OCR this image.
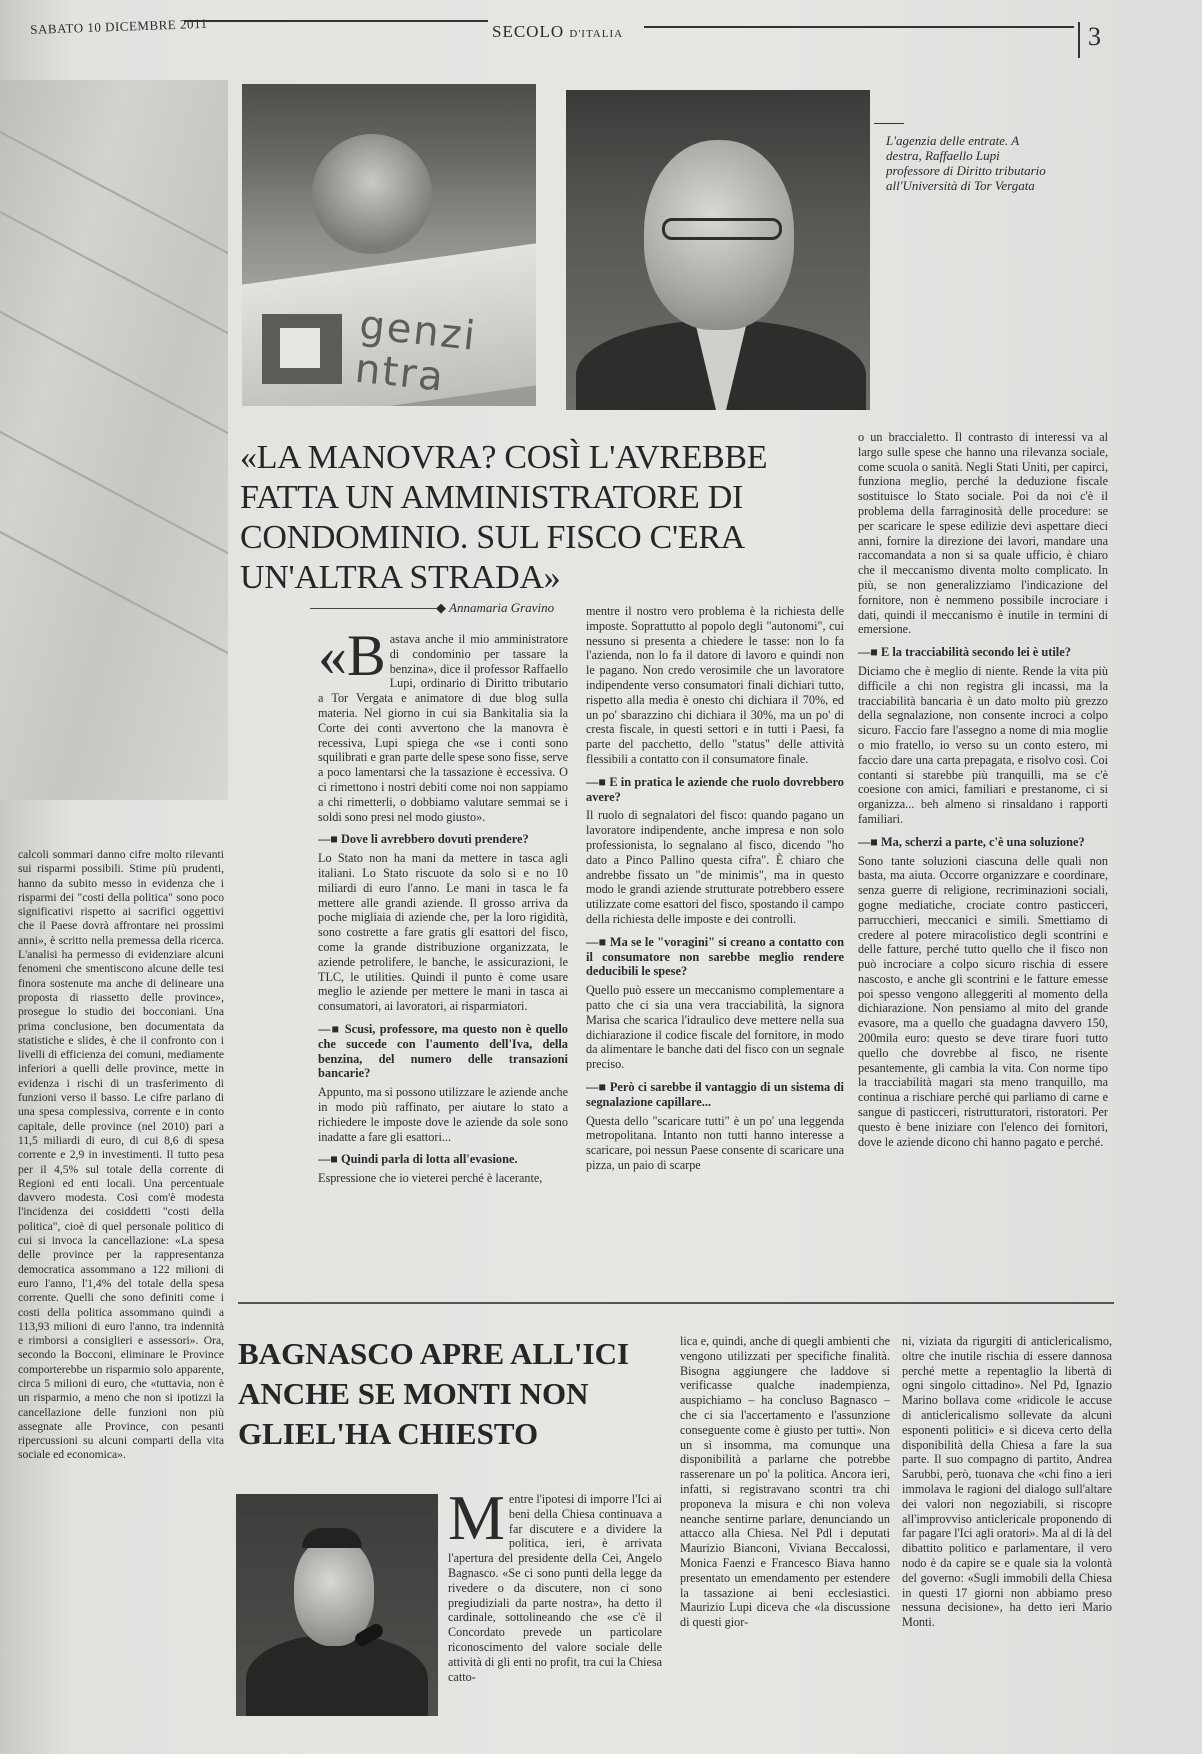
SABATO 10 DICEMBRE 2011	SECOLO D'ITALIA	3
genzi ntra
L'agenzia delle entrate. A destra, Raffaello Lupi professore di Diritto tributario all'Università di Tor Vergata
«LA MANOVRA? COSÌ L'AVREBBE FATTA UN AMMINISTRATORE DI CONDOMINIO. SUL FISCO C'ERA UN'ALTRA STRADA»
◆ Annamaria Gravino

«B astava anche il mio amministratore di condominio per tassare la benzina», dice il professor Raffaello Lupi, ordinario di Diritto tributario a Tor Vergata e animatore di due blog sulla materia. Nel giorno in cui sia Bankitalia sia la Corte dei conti avvertono che la manovra è recessiva, Lupi spiega che «se i conti sono squilibrati e gran parte delle spese sono fisse, serve a poco lamentarsi che la tassazione è eccessiva. O ci rimettono i nostri debiti come noi non sappiamo a chi rimetterli, o dobbiamo valutare semmai se i soldi sono presi nel modo giusto».

—■ Dove li avrebbero dovuti prendere?

Lo Stato non ha mani da mettere in tasca agli italiani. Lo Stato riscuote da solo sì e no 10 miliardi di euro l'anno. Le mani in tasca le fa mettere alle grandi aziende. Il grosso arriva da poche migliaia di aziende che, per la loro rigidità, sono costrette a fare gratis gli esattori del fisco, come la grande distribuzione organizzata, le aziende petrolifere, le banche, le assicurazioni, le TLC, le utilities. Quindi il punto è come usare meglio le aziende per mettere le mani in tasca ai consumatori, ai lavoratori, ai risparmiatori.

—■ Scusi, professore, ma questo non è quello che succede con l'aumento dell'Iva, della benzina, del numero delle transazioni bancarie?

Appunto, ma si possono utilizzare le aziende anche in modo più raffinato, per aiutare lo stato a richiedere le imposte dove le aziende da sole sono inadatte a fare gli esattori...

—■ Quindi parla di lotta all'evasione.

Espressione che io vieterei perché è lacerante,

mentre il nostro vero problema è la richiesta delle imposte. Soprattutto al popolo degli "autonomi", cui nessuno si presenta a chiedere le tasse: non lo fa l'azienda, non lo fa il datore di lavoro e quindi non le pagano. Non credo verosimile che un lavoratore indipendente verso consumatori finali dichiari tutto, rispetto alla media è onesto chi dichiara il 70%, ed un po' sbarazzino chi dichiara il 30%, ma un po' di cresta fiscale, in questi settori e in tutti i Paesi, fa parte del pacchetto, dello "status" delle attività flessibili a contatto con il consumatore finale.

—■ E in pratica le aziende che ruolo dovrebbero avere?

Il ruolo di segnalatori del fisco: quando pagano un lavoratore indipendente, anche impresa e non solo professionista, lo segnalano al fisco, dicendo "ho dato a Pinco Pallino questa cifra". È chiaro che andrebbe fissato un "de minimis", ma in questo modo le grandi aziende strutturate potrebbero essere utilizzate come esattori del fisco, spostando il campo della richiesta delle imposte e dei controlli.

—■ Ma se le "voragini" si creano a contatto con il consumatore non sarebbe meglio rendere deducibili le spese?

Quello può essere un meccanismo complementare a patto che ci sia una vera tracciabilità, la signora Marisa che scarica l'idraulico deve mettere nella sua dichiarazione il codice fiscale del fornitore, in modo da alimentare le banche dati del fisco con un segnale preciso.

—■ Però ci sarebbe il vantaggio di un sistema di segnalazione capillare...

Questa dello "scaricare tutti" è un po' una leggenda metropolitana. Intanto non tutti hanno interesse a scaricare, poi nessun Paese consente di scaricare una pizza, un paio di scarpe

o un braccialetto. Il contrasto di interessi va al largo sulle spese che hanno una rilevanza sociale, come scuola o sanità. Negli Stati Uniti, per capirci, funziona meglio, perché la deduzione fiscale sostituisce lo Stato sociale. Poi da noi c'è il problema della farraginosità delle procedure: se per scaricare le spese edilizie devi aspettare dieci anni, fornire la direzione dei lavori, mandare una raccomandata a non si sa quale ufficio, è chiaro che il meccanismo diventa molto complicato. In più, se non generalizziamo l'indicazione del fornitore, non è nemmeno possibile incrociare i dati, quindi il meccanismo è inutile in termini di emersione.

—■ E la tracciabilità secondo lei è utile?

Diciamo che è meglio di niente. Rende la vita più difficile a chi non registra gli incassi, ma la tracciabilità bancaria è un dato molto più grezzo della segnalazione, non consente incroci a colpo sicuro. Faccio fare l'assegno a nome di mia moglie o mio fratello, io verso su un conto estero, mi faccio dare una carta prepagata, e risolvo così. Coi contanti si starebbe più tranquilli, ma se c'è coesione con amici, familiari e prestanome, ci si organizza... beh almeno si rinsaldano i rapporti familiari.

—■ Ma, scherzi a parte, c'è una soluzione?

Sono tante soluzioni ciascuna delle quali non basta, ma aiuta. Occorre organizzare e coordinare, senza guerre di religione, recriminazioni sociali, gogne mediatiche, crociate contro pasticceri, parrucchieri, meccanici e simili. Smettiamo di credere al potere miracolistico degli scontrini e delle fatture, perché tutto quello che il fisco non può incrociare a colpo sicuro rischia di essere nascosto, e anche gli scontrini e le fatture emesse poi spesso vengono alleggeriti al momento della dichiarazione. Non pensiamo al mito del grande evasore, ma a quello che guadagna davvero 150, 200mila euro: questo se deve tirare fuori tutto quello che dovrebbe al fisco, ne risente pesantemente, gli cambia la vita. Con norme tipo la tracciabilità magari sta meno tranquillo, ma continua a rischiare perché qui parliamo di carne e sangue di pasticceri, ristrutturatori, ristoratori. Per questo è bene iniziare con l'elenco dei fornitori, dove le aziende dicono chi hanno pagato e perché.

calcoli sommari danno cifre molto rilevanti sui risparmi possibili. Stime più prudenti, hanno da subito messo in evidenza che i risparmi dei "costi della politica" sono poco significativi rispetto ai sacrifici oggettivi che il Paese dovrà affrontare nei prossimi anni», è scritto nella premessa della ricerca. L'analisi ha permesso di evidenziare alcuni fenomeni che smentiscono alcune delle tesi finora sostenute ma anche di delineare una proposta di riassetto delle province», prosegue lo studio dei bocconiani. Una prima conclusione, ben documentata da statistiche e slides, è che il confronto con i livelli di efficienza dei comuni, mediamente inferiori a quelli delle province, mette in evidenza i rischi di un trasferimento di funzioni verso il basso. Le cifre parlano di una spesa complessiva, corrente e in conto capitale, delle province (nel 2010) pari a 11,5 miliardi di euro, di cui 8,6 di spesa corrente e 2,9 in investimenti. Il tutto pesa per il 4,5% sul totale della corrente di Regioni ed enti locali. Una percentuale davvero modesta. Così com'è modesta l'incidenza dei cosiddetti "costi della politica", cioè di quel personale politico di cui si invoca la cancellazione: «La spesa delle province per la rappresentanza democratica assommano a 122 milioni di euro l'anno, l'1,4% del totale della spesa corrente. Quelli che sono definiti come i costi della politica assommano quindi a 113,93 milioni di euro l'anno, tra indennità e rimborsi a consiglieri e assessori». Ora, secondo la Bocconi, eliminare le Province comporterebbe un risparmio solo apparente, circa 5 milioni di euro, che «tuttavia, non è un risparmio, a meno che non si ipotizzi la cancellazione delle funzioni non più assegnate alle Province, con pesanti ripercussioni su alcuni comparti della vita sociale ed economica».

BAGNASCO APRE ALL'ICI ANCHE SE MONTI NON GLIEL'HA CHIESTO

M entre l'ipotesi di imporre l'Ici ai beni della Chiesa continuava a far discutere e a dividere la politica, ieri, è arrivata l'apertura del presidente della Cei, Angelo Bagnasco. «Se ci sono punti della legge da rivedere o da discutere, non ci sono pregiudiziali da parte nostra», ha detto il cardinale, sottolineando che «se c'è il Concordato prevede un particolare riconoscimento del valore sociale delle attività di gli enti no profit, tra cui la Chiesa catto-

lica e, quindi, anche di quegli ambienti che vengono utilizzati per specifiche finalità. Bisogna aggiungere che laddove si verificasse qualche inadempienza, auspichiamo – ha concluso Bagnasco – che ci sia l'accertamento e l'assunzione conseguente come è giusto per tutti». Non un sì insomma, ma comunque una disponibilità a parlarne che potrebbe rasserenare un po' la politica. Ancora ieri, infatti, si registravano scontri tra chi proponeva la misura e chi non voleva neanche sentirne parlare, denunciando un attacco alla Chiesa. Nel Pdl i deputati Maurizio Bianconi, Viviana Beccalossi, Monica Faenzi e Francesco Biava hanno presentato un emendamento per estendere la tassazione ai beni ecclesiastici. Maurizio Lupi diceva che «la discussione di questi gior-

ni, viziata da rigurgiti di anticlericalismo, oltre che inutile rischia di essere dannosa perché mette a repentaglio la libertà di ogni singolo cittadino». Nel Pd, Ignazio Marino bollava come «ridicole le accuse di anticlericalismo sollevate da alcuni esponenti politici» e si diceva certo della disponibilità della Chiesa a fare la sua parte. Il suo compagno di partito, Andrea Sarubbi, però, tuonava che «chi fino a ieri immolava le ragioni del dialogo sull'altare dei valori non negoziabili, si riscopre all'improvviso anticlericale proponendo di far pagare l'Ici agli oratori». Ma al di là del dibattito politico e parlamentare, il vero nodo è da capire se e quale sia la volontà del governo: «Sugli immobili della Chiesa in questi 17 giorni non abbiamo preso nessuna decisione», ha detto ieri Mario Monti.
